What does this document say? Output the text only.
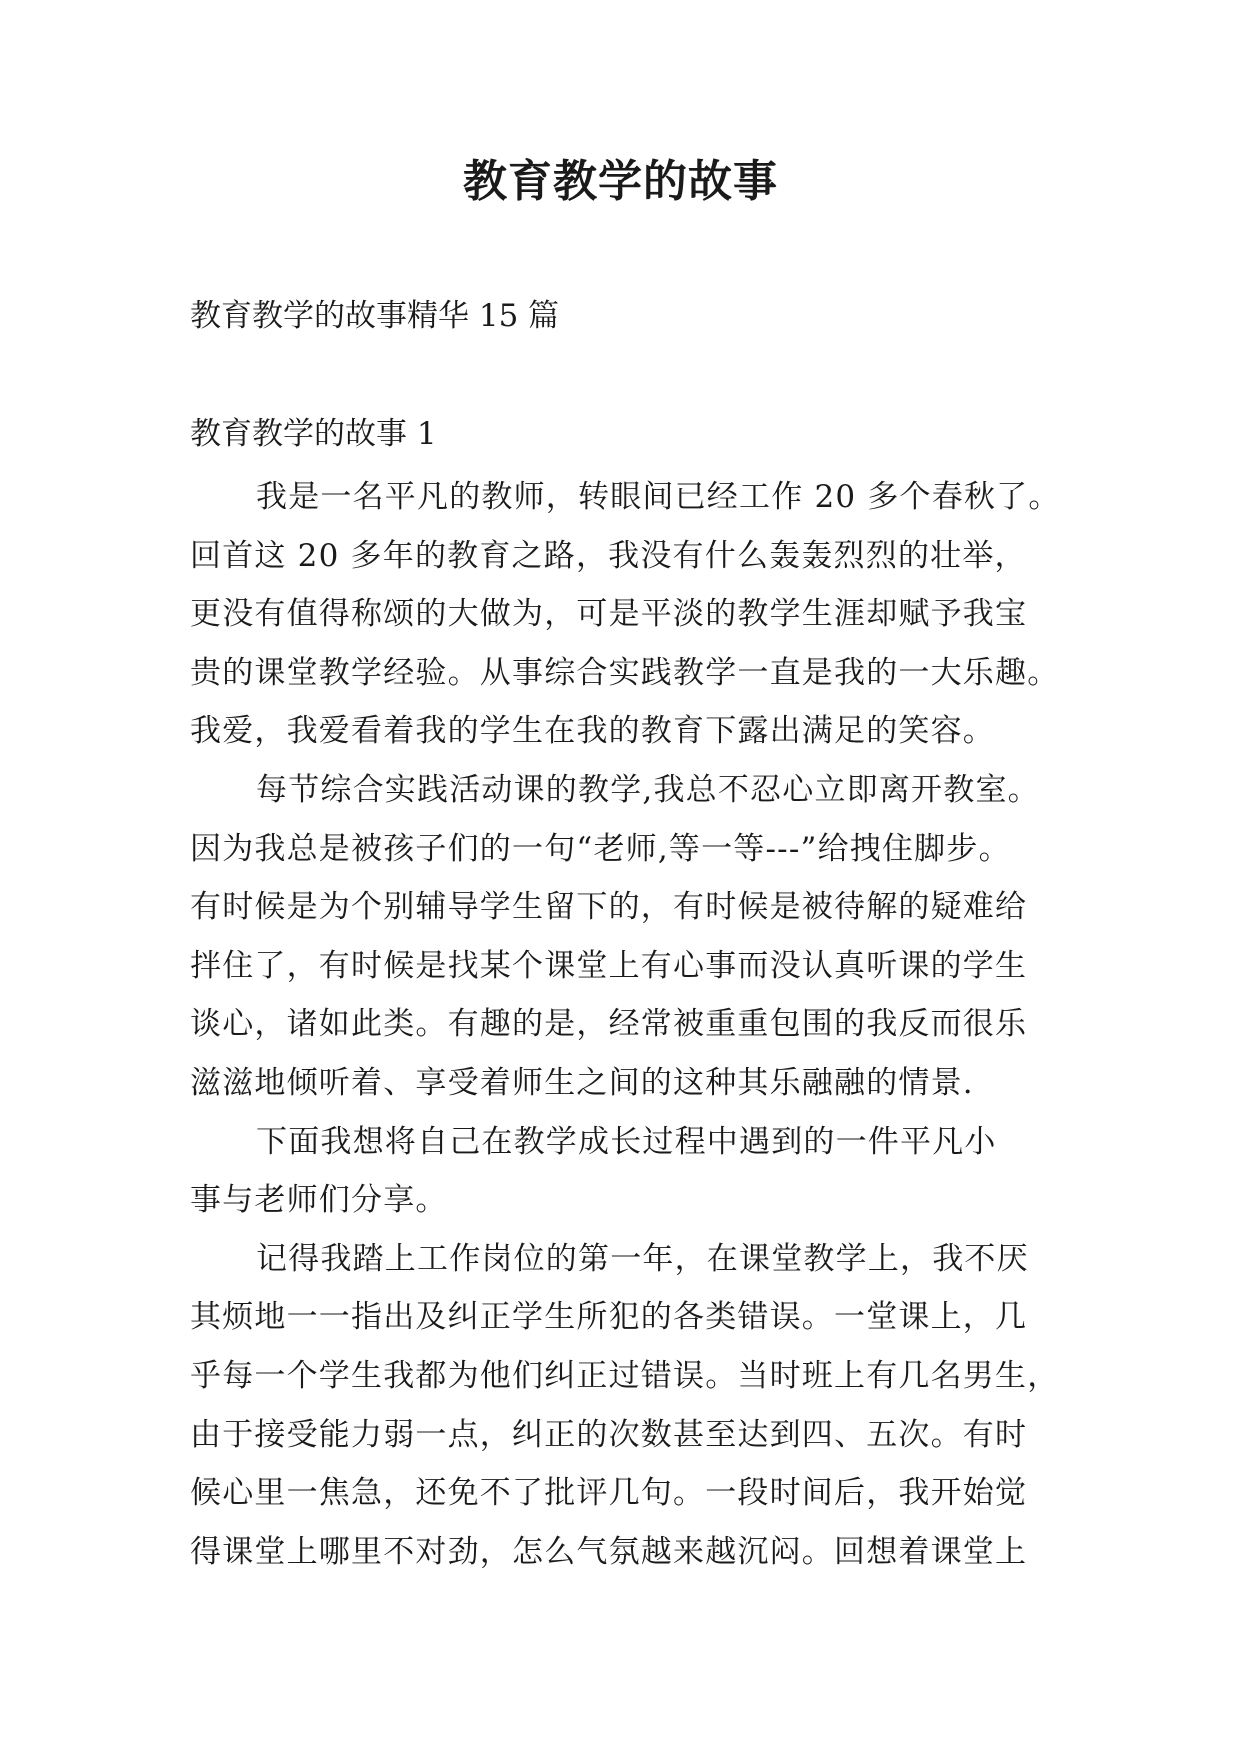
教育教学的故事

教育教学的故事精华 15 篇

教育教学的故事 1

我是一名平凡的教师，转眼间已经工作 20 多个春秋了。
回首这 20 多年的教育之路，我没有什么轰轰烈烈的壮举，
更没有值得称颂的大做为，可是平淡的教学生涯却赋予我宝
贵的课堂教学经验。从事综合实践教学一直是我的一大乐趣。
我爱，我爱看着我的学生在我的教育下露出满足的笑容。
每节综合实践活动课的教学,我总不忍心立即离开教室。
因为我总是被孩子们的一句“老师,等一等---”给拽住脚步。
有时候是为个别辅导学生留下的，有时候是被待解的疑难给
拌住了，有时候是找某个课堂上有心事而没认真听课的学生
谈心，诸如此类。有趣的是，经常被重重包围的我反而很乐
滋滋地倾听着、享受着师生之间的这种其乐融融的情景.
下面我想将自己在教学成长过程中遇到的一件平凡小
事与老师们分享。
记得我踏上工作岗位的第一年，在课堂教学上，我不厌
其烦地一一指出及纠正学生所犯的各类错误。一堂课上，几
乎每一个学生我都为他们纠正过错误。当时班上有几名男生，
由于接受能力弱一点，纠正的次数甚至达到四、五次。有时
候心里一焦急，还免不了批评几句。一段时间后，我开始觉
得课堂上哪里不对劲，怎么气氛越来越沉闷。回想着课堂上
